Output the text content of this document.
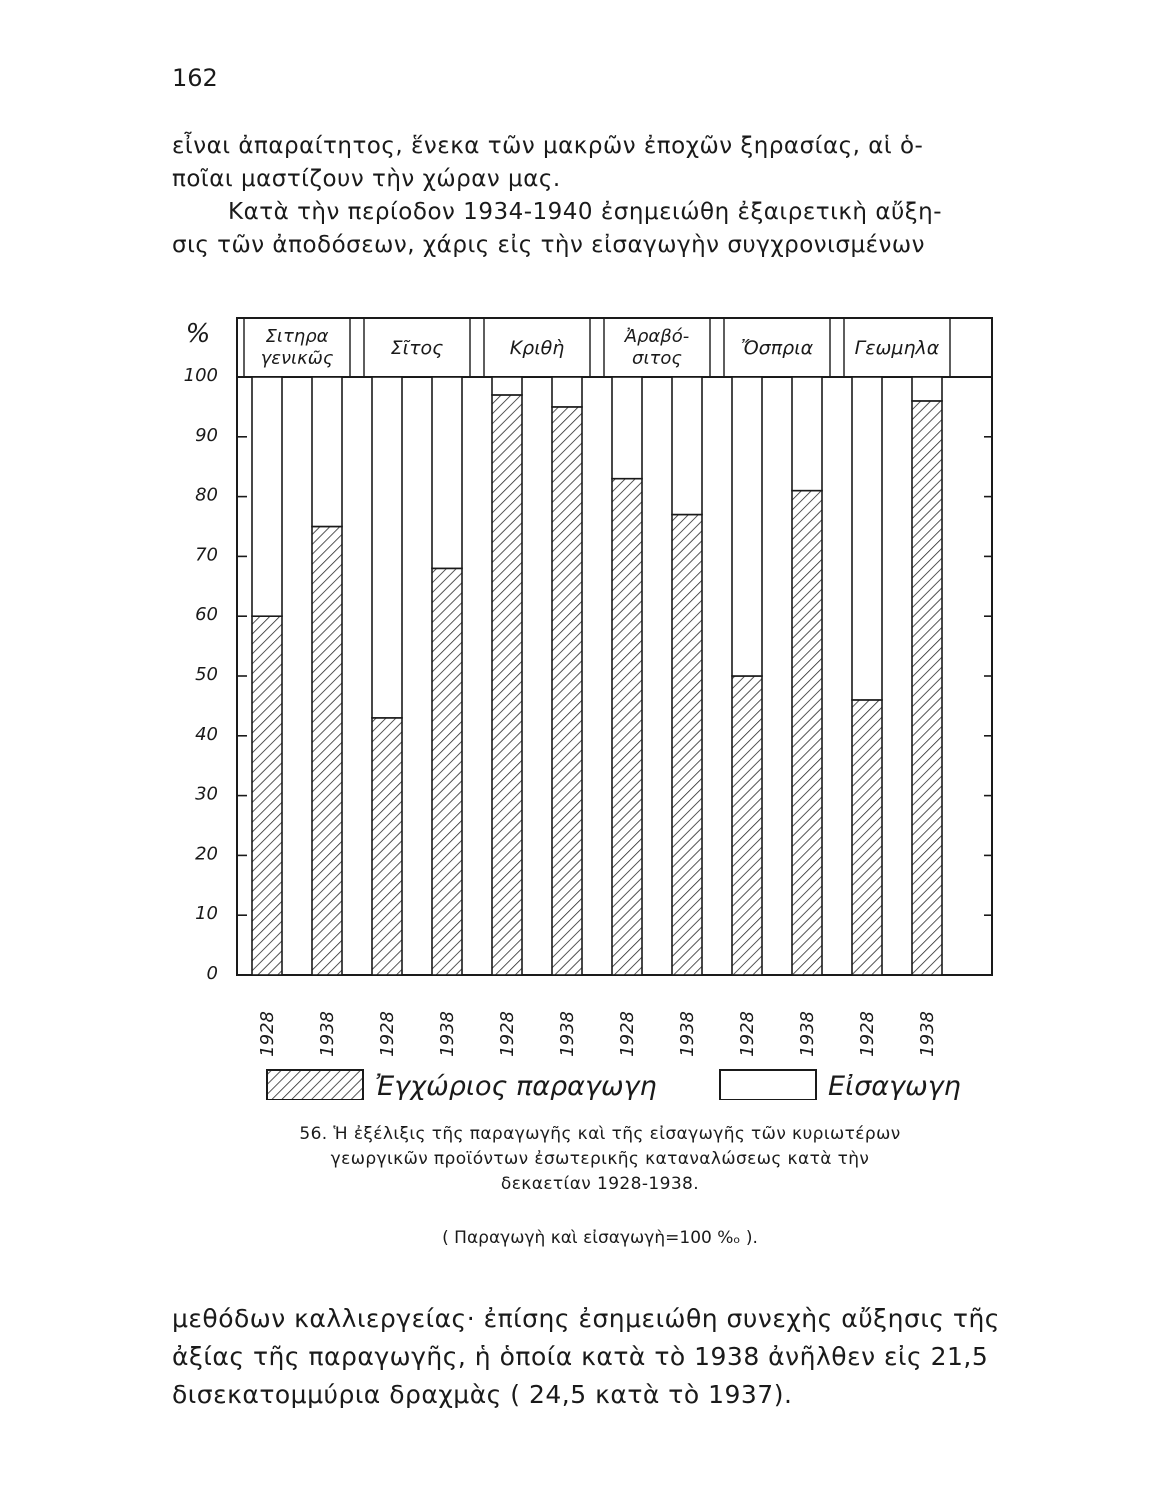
162
εἶναι ἀπαραίτητος, ἕνεκα τῶν μακρῶν ἐποχῶν ξηρασίας, αἱ ὁ-
ποῖαι μαστίζουν τὴν χώραν μας.
Κατὰ τὴν περίοδον 1934-1940 ἐσημειώθη ἐξαιρετικὴ αὔξη-
σις τῶν ἀποδόσεων, χάρις εἰς τὴν εἰσαγωγὴν συγχρονισμένων
Σιτηρα
γενικῶς	Σῖτος	Κριθὴ
Ἀραβό-
σιτος	Ὄσπρια Γεωμηλα
%
100
90
80
70
60
50
40
30
20
10
0
1928 1938 1928 1938 1928 1938 1928 1938 1928 1938 1928 1938
Ἐγχώριος παραγωγη	Εἰσαγωγη
56. Ἡ ἐξέλιξις τῆς παραγωγῆς καὶ τῆς εἰσαγωγῆς τῶν κυριωτέρων
γεωργικῶν προϊόντων ἐσωτερικῆς καταναλώσεως κατὰ τὴν
δεκαετίαν 1928-1938.
( Παραγωγὴ καὶ εἰσαγωγὴ=100 %ₒ ).
μεθόδων καλλιεργείας· ἐπίσης ἐσημειώθη συνεχὴς αὔξησις τῆς
ἀξίας τῆς παραγωγῆς, ἡ ὁποία κατὰ τὸ 1938 ἀνῆλθεν εἰς 21,5
δισεκατομμύρια δραχμὰς ( 24,5 κατὰ τὸ 1937).
